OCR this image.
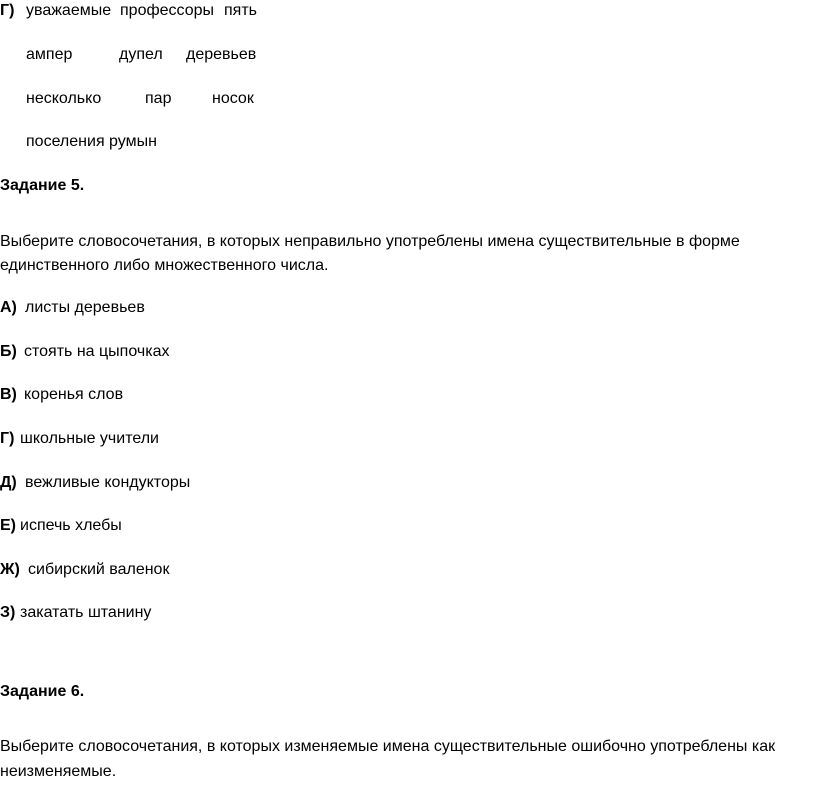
Г) уважаемые профессоры пять
ампер	дупел деревьев
несколько	пар	носок
поселения румын
Задание 5.
Выберите словосочетания, в которых неправильно употреблены имена существительные в форме
единственного либо множественного числа.
А) листы деревьев
Б) стоять на цыпочках
В) коренья слов
Г) школьные учители
Д) вежливые кондукторы
Е) испечь хлебы
Ж) сибирский валенок
З) закатать штанину
Задание 6.
Выберите словосочетания, в которых изменяемые имена существительные ошибочно употреблены как
неизменяемые.
